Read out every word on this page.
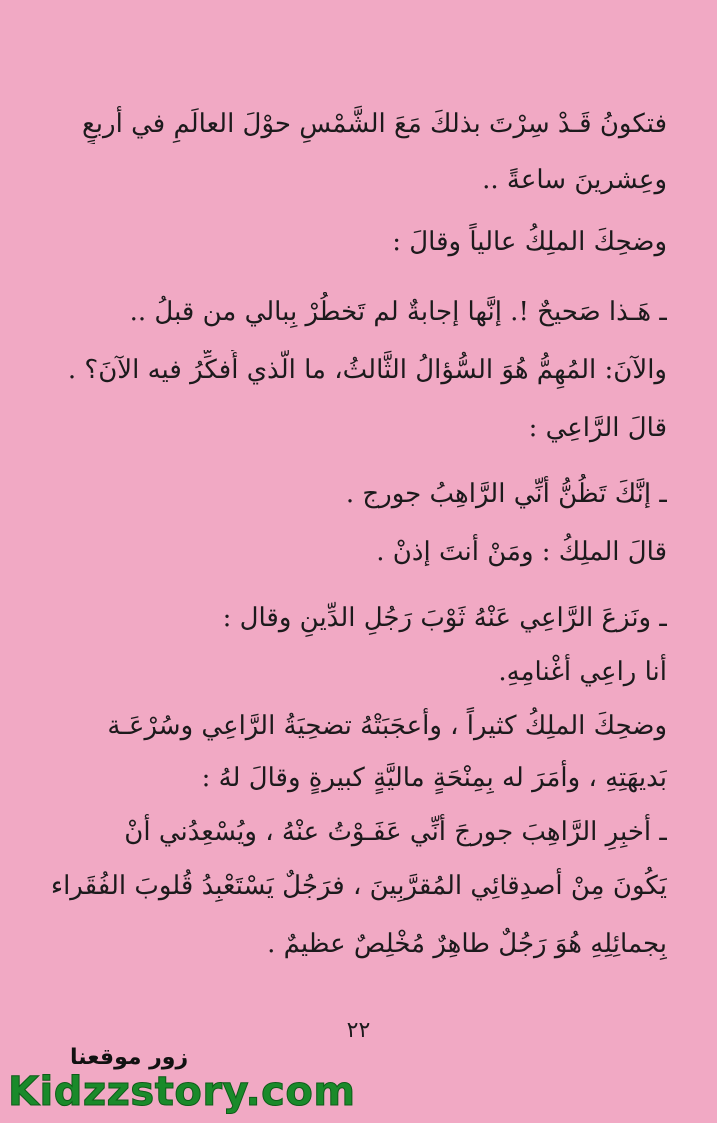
فتكونُ قَـدْ سِرْتَ بذلكَ مَعَ الشَّمْسِ حوْلَ العالَمِ في أربعٍ
وعِشرينَ ساعةً ..
وضحِكَ الملِكُ عالياً وقالَ :
ـ هَـذا صَحيحٌ !. إنَّها إجابةٌ لم تَخطُرْ بِبالي من قبلُ ..
والآنَ: المُهِمُّ هُوَ السُّؤالُ الثَّالثُ، ما الَّذي أُفكِّرُ فيه الآنَ؟ .
قالَ الرَّاعِي :
ـ إنَّكَ تَظُنُّ أنِّي الرَّاهِبُ جورج .
قالَ الملِكُ : ومَنْ أنتَ إذنْ .
ـ ونَزعَ الرَّاعِي عَنْهُ ثَوْبَ رَجُلِ الدِّينِ وقال :
أنا راعِي أغْنامِهِ.
وضحِكَ الملِكُ كثيراً ، وأعجَبَتْهُ تضحِيَةُ الرَّاعِي وسُرْعَـة
بَديهَتِهِ ، وأمَرَ له بِمِنْحَةٍ ماليَّةٍ كبيرةٍ وقالَ لهُ :
ـ أخبِرِ الرَّاهِبَ جورجَ أنِّي عَفَـوْتُ عنْهُ ، ويُسْعِدُني أنْ
يَكُونَ مِنْ أصدِقائِي المُقرَّبِينَ ، فرَجُلٌ يَسْتَعْبِدُ قُلوبَ الفُقَراء
بِجمائِلِهِ هُوَ رَجُلٌ طاهِرٌ مُخْلِصٌ عظيمٌ .
٢٢
زور موقعنا
Kidzzstory.com
